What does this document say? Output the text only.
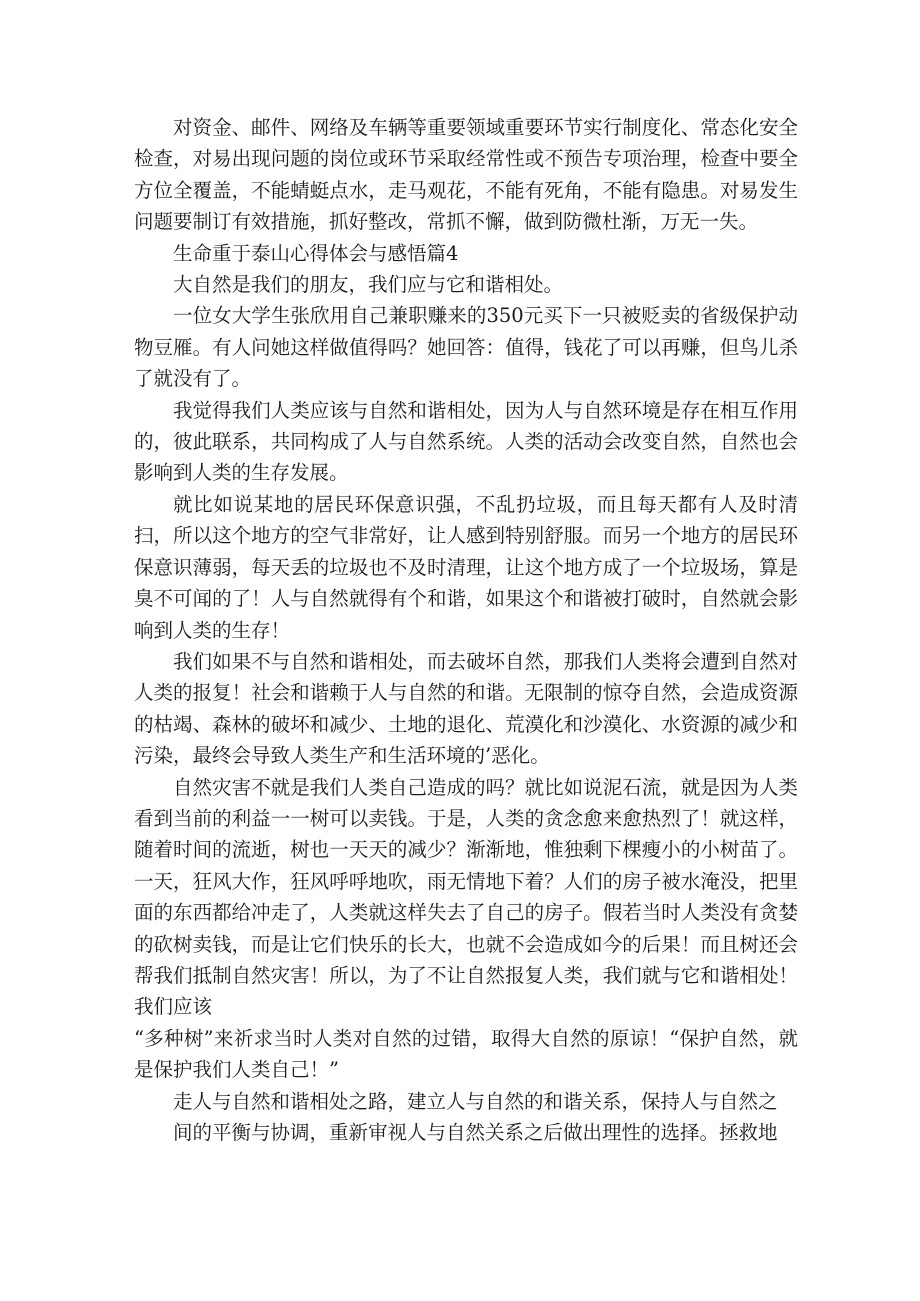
对资金、邮件、网络及车辆等重要领域重要环节实行制度化、常态化安全检查，对易出现问题的岗位或环节采取经常性或不预告专项治理，检查中要全方位全覆盖，不能蜻蜓点水，走马观花，不能有死角，不能有隐患。对易发生问题要制订有效措施，抓好整改，常抓不懈，做到防微杜渐，万无一失。

生命重于泰山心得体会与感悟篇4

大自然是我们的朋友，我们应与它和谐相处。

一位女大学生张欣用自己兼职赚来的350元买下一只被贬卖的省级保护动物豆雁。有人问她这样做值得吗？她回答：值得，钱花了可以再赚，但鸟儿杀了就没有了。

我觉得我们人类应该与自然和谐相处，因为人与自然环境是存在相互作用的，彼此联系，共同构成了人与自然系统。人类的活动会改变自然，自然也会影响到人类的生存发展。

就比如说某地的居民环保意识强，不乱扔垃圾，而且每天都有人及时清扫，所以这个地方的空气非常好，让人感到特别舒服。而另一个地方的居民环保意识薄弱，每天丢的垃圾也不及时清理，让这个地方成了一个垃圾场，算是臭不可闻的了！人与自然就得有个和谐，如果这个和谐被打破时，自然就会影响到人类的生存！

我们如果不与自然和谐相处，而去破坏自然，那我们人类将会遭到自然对人类的报复！社会和谐赖于人与自然的和谐。无限制的惊夺自然，会造成资源的枯竭、森林的破坏和减少、土地的退化、荒漠化和沙漠化、水资源的减少和污染，最终会导致人类生产和生活环境的’恶化。

自然灾害不就是我们人类自己造成的吗？就比如说泥石流，就是因为人类看到当前的利益一一树可以卖钱。于是，人类的贪念愈来愈热烈了！就这样，随着时间的流逝，树也一天天的减少？渐渐地，惟独剩下棵瘦小的小树苗了。一天，狂风大作，狂风呼呼地吹，雨无情地下着？人们的房子被水淹没，把里面的东西都给冲走了，人类就这样失去了自己的房子。假若当时人类没有贪婪的砍树卖钱，而是让它们快乐的长大，也就不会造成如今的后果！而且树还会帮我们抵制自然灾害！所以，为了不让自然报复人类，我们就与它和谐相处！我们应该

“多种树”来祈求当时人类对自然的过错，取得大自然的原谅！“保护自然，就是保护我们人类自己！”

走人与自然和谐相处之路，建立人与自然的和谐关系，保持人与自然之

间的平衡与协调，重新审视人与自然关系之后做出理性的选择。拯救地
